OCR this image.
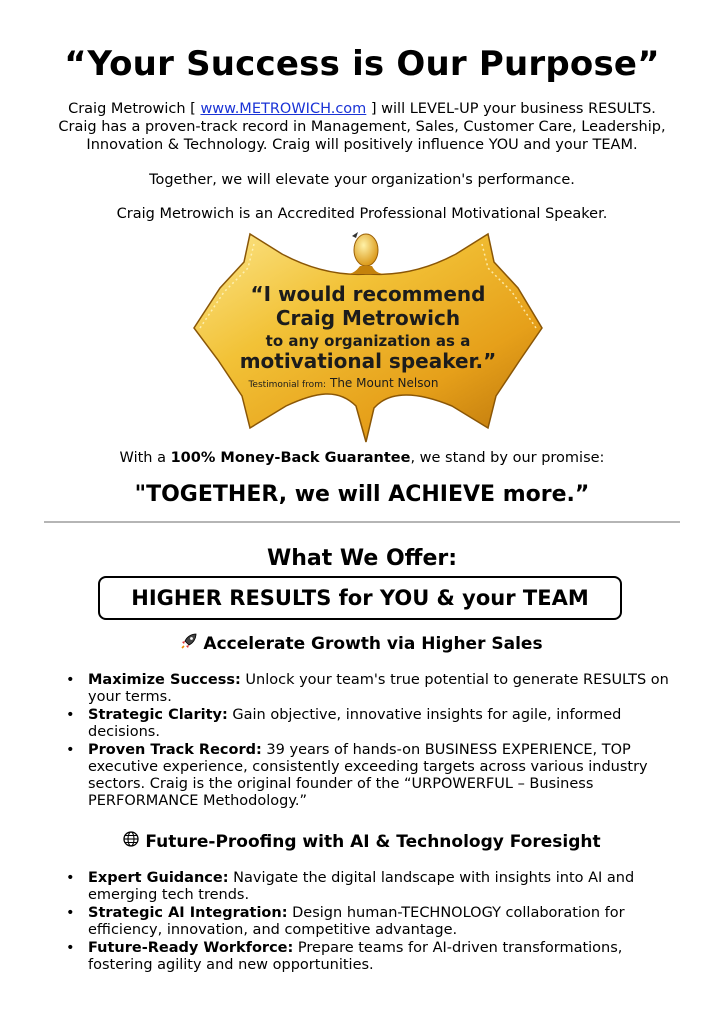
“Your Success is Our Purpose”
Craig Metrowich [ www.METROWICH.com ] will LEVEL-UP your business RESULTS.
Craig has a proven-track record in Management, Sales, Customer Care, Leadership,
Innovation & Technology. Craig will positively influence YOU and your TEAM.
Together, we will elevate your organization's performance.
Craig Metrowich is an Accredited Professional Motivational Speaker.
“I would recommend
Craig Metrowich
to any organization as a
motivational speaker.”
Testimonial from: The Mount Nelson
With a 100% Money-Back Guarantee, we stand by our promise:
"TOGETHER, we will ACHIEVE more.”
What We Offer:
HIGHER RESULTS for YOU & your TEAM
Accelerate Growth via Higher Sales
• Maximize Success: Unlock your team's true potential to generate RESULTS on your terms.
• Strategic Clarity: Gain objective, innovative insights for agile, informed decisions.
• Proven Track Record: 39 years of hands-on BUSINESS EXPERIENCE, TOP executive experience, consistently exceeding targets across various industry sectors. Craig is the original founder of the “URPOWERFUL – Business PERFORMANCE Methodology.”
Future-Proofing with AI & Technology Foresight
• Expert Guidance: Navigate the digital landscape with insights into AI and emerging tech trends.
• Strategic AI Integration: Design human-TECHNOLOGY collaboration for efficiency, innovation, and competitive advantage.
• Future-Ready Workforce: Prepare teams for AI-driven transformations, fostering agility and new opportunities.
